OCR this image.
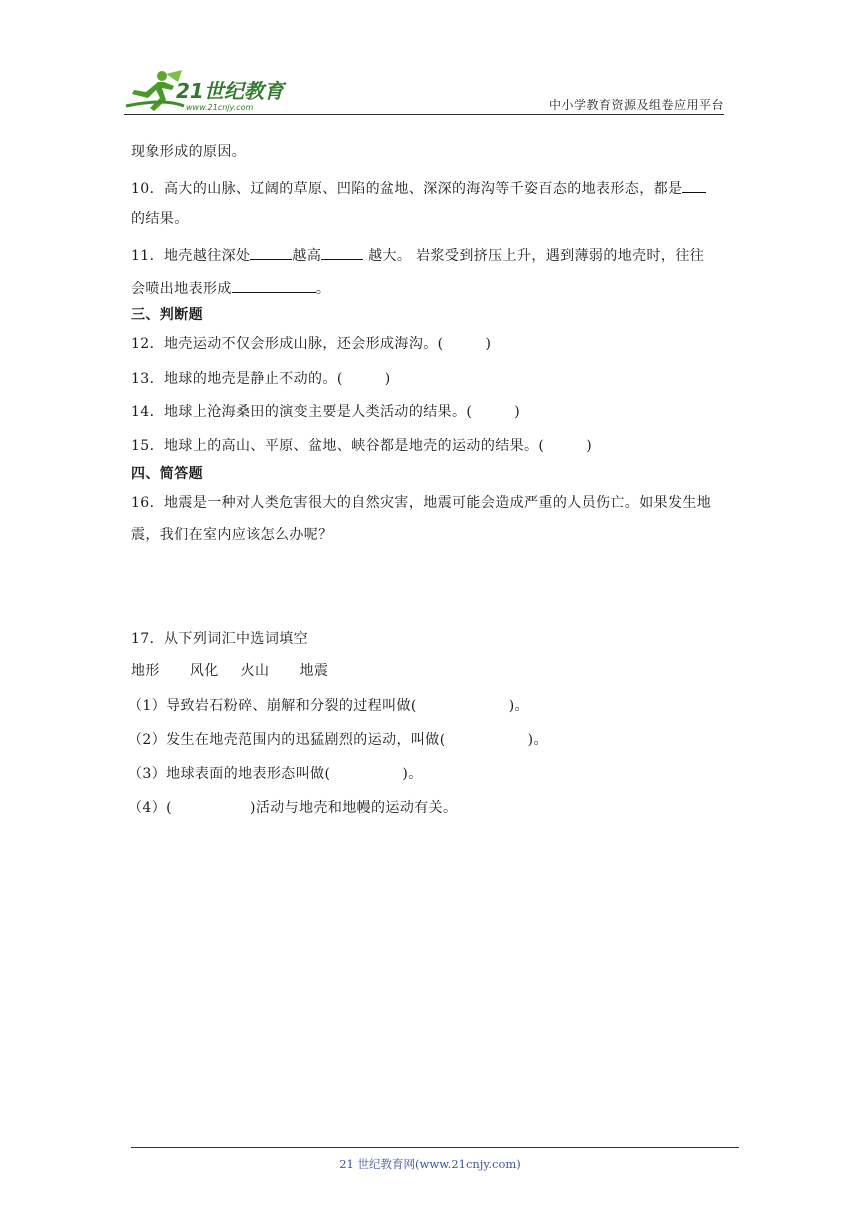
21世纪教育
www.21cnjy.com	中小学教育资源及组卷应用平台
现象形成的原因。
10．高大的山脉、辽阔的草原、凹陷的盆地、深深的海沟等千姿百态的地表形态，都是
的结果。
11．地壳越往深处	越高	越大。 岩浆受到挤压上升，遇到薄弱的地壳时，往往
会喷出地表形成	。
三、判断题
12．地壳运动不仅会形成山脉，还会形成海沟。(	)
13．地球的地壳是静止不动的。(	)
14．地球上沧海桑田的演变主要是人类活动的结果。(	)
15．地球上的高山、平原、盆地、峡谷都是地壳的运动的结果。(	)
四、简答题
16．地震是一种对人类危害很大的自然灾害，地震可能会造成严重的人员伤亡。如果发生地
震，我们在室内应该怎么办呢？
17．从下列词汇中选词填空
地形 风化 火山 地震
（1）导致岩石粉碎、崩解和分裂的过程叫做(	)。
（2）发生在地壳范围内的迅猛剧烈的运动，叫做(	)。
（3）地球表面的地表形态叫做(	)。
（4）(	)活动与地壳和地幔的运动有关。
21 世纪教育网(www.21cnjy.com)
